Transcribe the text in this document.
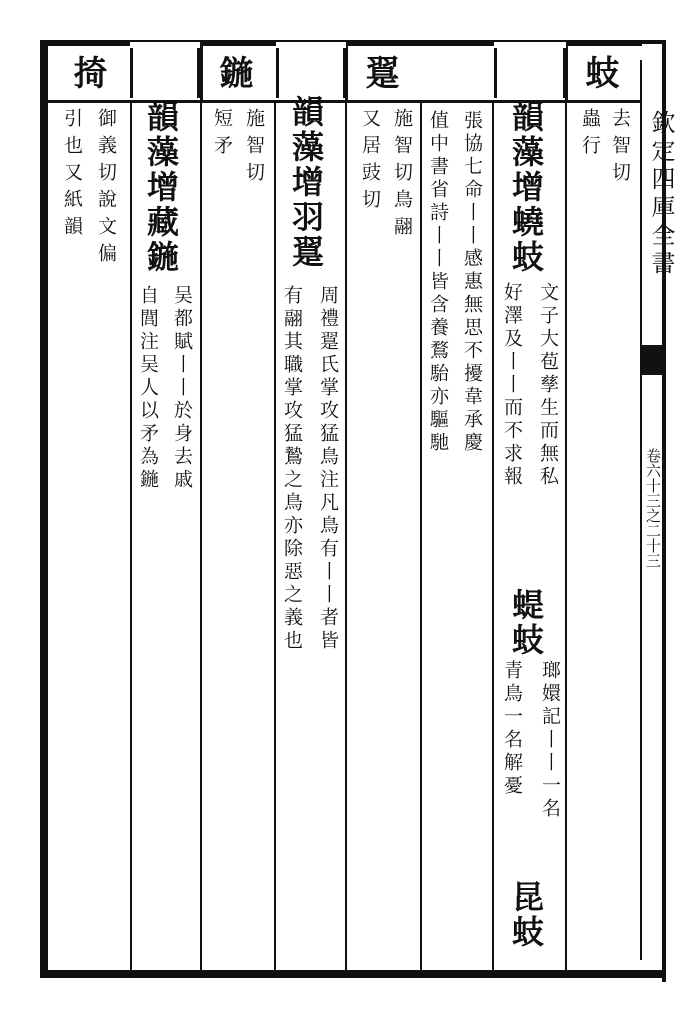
欽定四庫全書
卷六十三之二十三
蚑
去智切
蟲行
韻藻增蟯蚑
文子大苞孳生而無私
好澤及丨丨而不求報
蝭蚑
瑯嬛記丨丨一名
青鳥一名解憂
昆蚑
張協七命丨丨感惠無思不擾韋承慶
值中書省詩丨丨皆含養鶩駘亦驅馳
翨
施智切鳥翮
又居豉切
韻藻增羽翨
周禮翨氏掌攻猛鳥注凡鳥有丨丨者皆
有翮其職掌攻猛鷙之鳥亦除惡之義也
鍦
施智切
短矛
韻藻增藏鍦
吴都賦丨丨於身去戚
自閭注吴人以矛為鍦
掎
御義切說文偏
引也又紙韻
